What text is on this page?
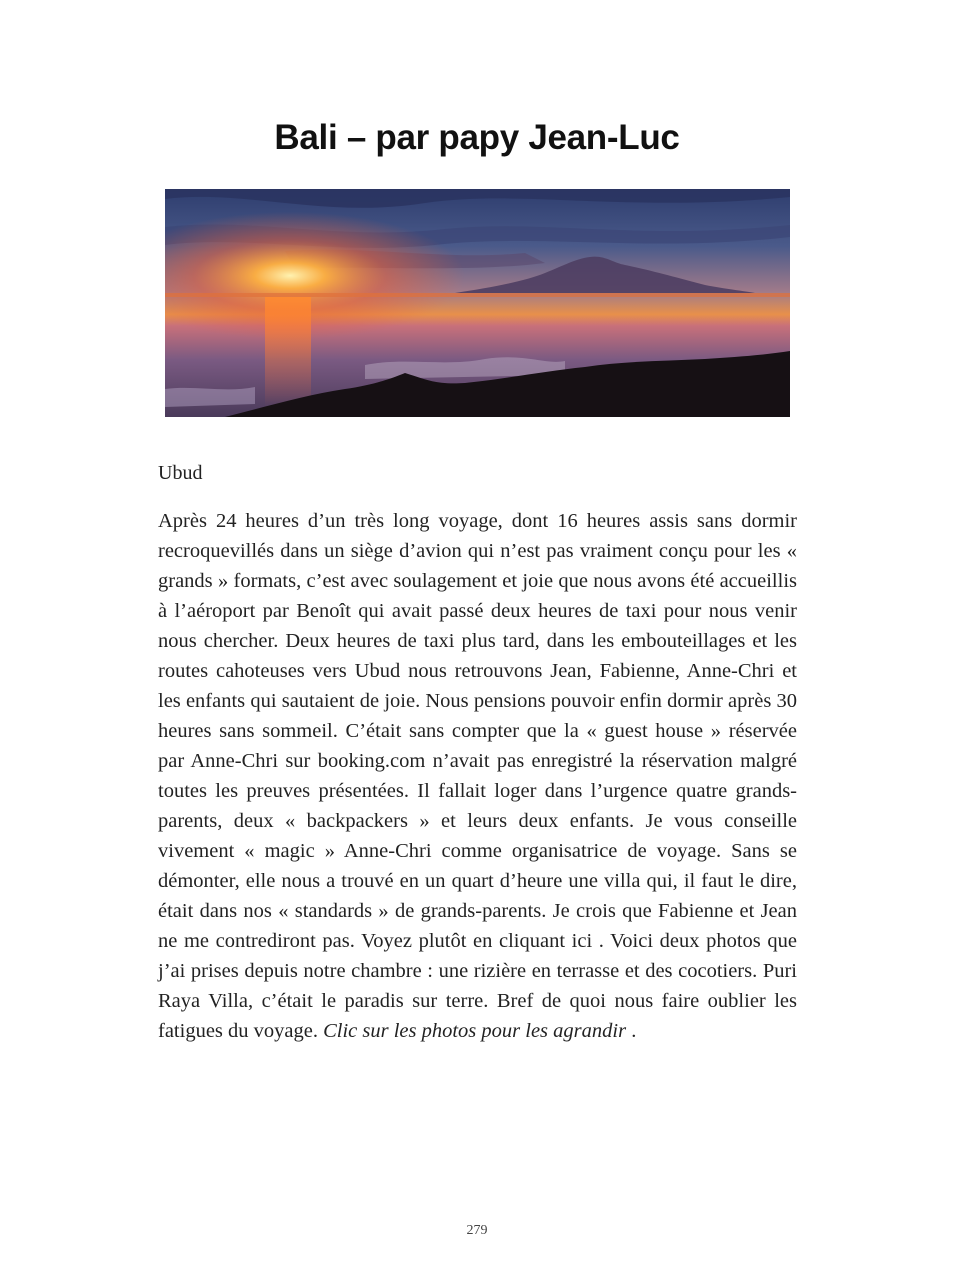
Bali – par papy Jean-Luc
Ubud
Après 24 heures d’un très long voyage, dont 16 heures assis sans dormir recroquevillés dans un siège d’avion qui n’est pas vraiment conçu pour les « grands » formats, c’est avec soulagement et joie que nous avons été accueillis à l’aéroport par Benoît qui avait passé deux heures de taxi pour nous venir nous chercher. Deux heures de taxi plus tard, dans les embouteillages et les routes cahoteuses vers Ubud nous retrouvons Jean, Fabienne, Anne-Chri et les enfants qui sautaient de joie. Nous pensions pouvoir enfin dormir après 30 heures sans sommeil. C’était sans compter que la « guest house » réservée par Anne-Chri sur booking.com n’avait pas enregistré la réservation malgré toutes les preuves présentées. Il fallait loger dans l’urgence quatre grands-parents, deux « backpackers » et leurs deux enfants. Je vous conseille vivement « magic » Anne-Chri comme organisatrice de voyage. Sans se démonter, elle nous a trouvé en un quart d’heure une villa qui, il faut le dire, était dans nos « standards » de grands-parents. Je crois que Fabienne et Jean ne me contrediront pas. Voyez plutôt en cliquant ici . Voici deux photos que j’ai prises depuis notre chambre : une rizière en terrasse et des cocotiers. Puri Raya Villa, c’était le paradis sur terre. Bref de quoi nous faire oublier les fatigues du voyage. Clic sur les photos pour les agrandir .
279
